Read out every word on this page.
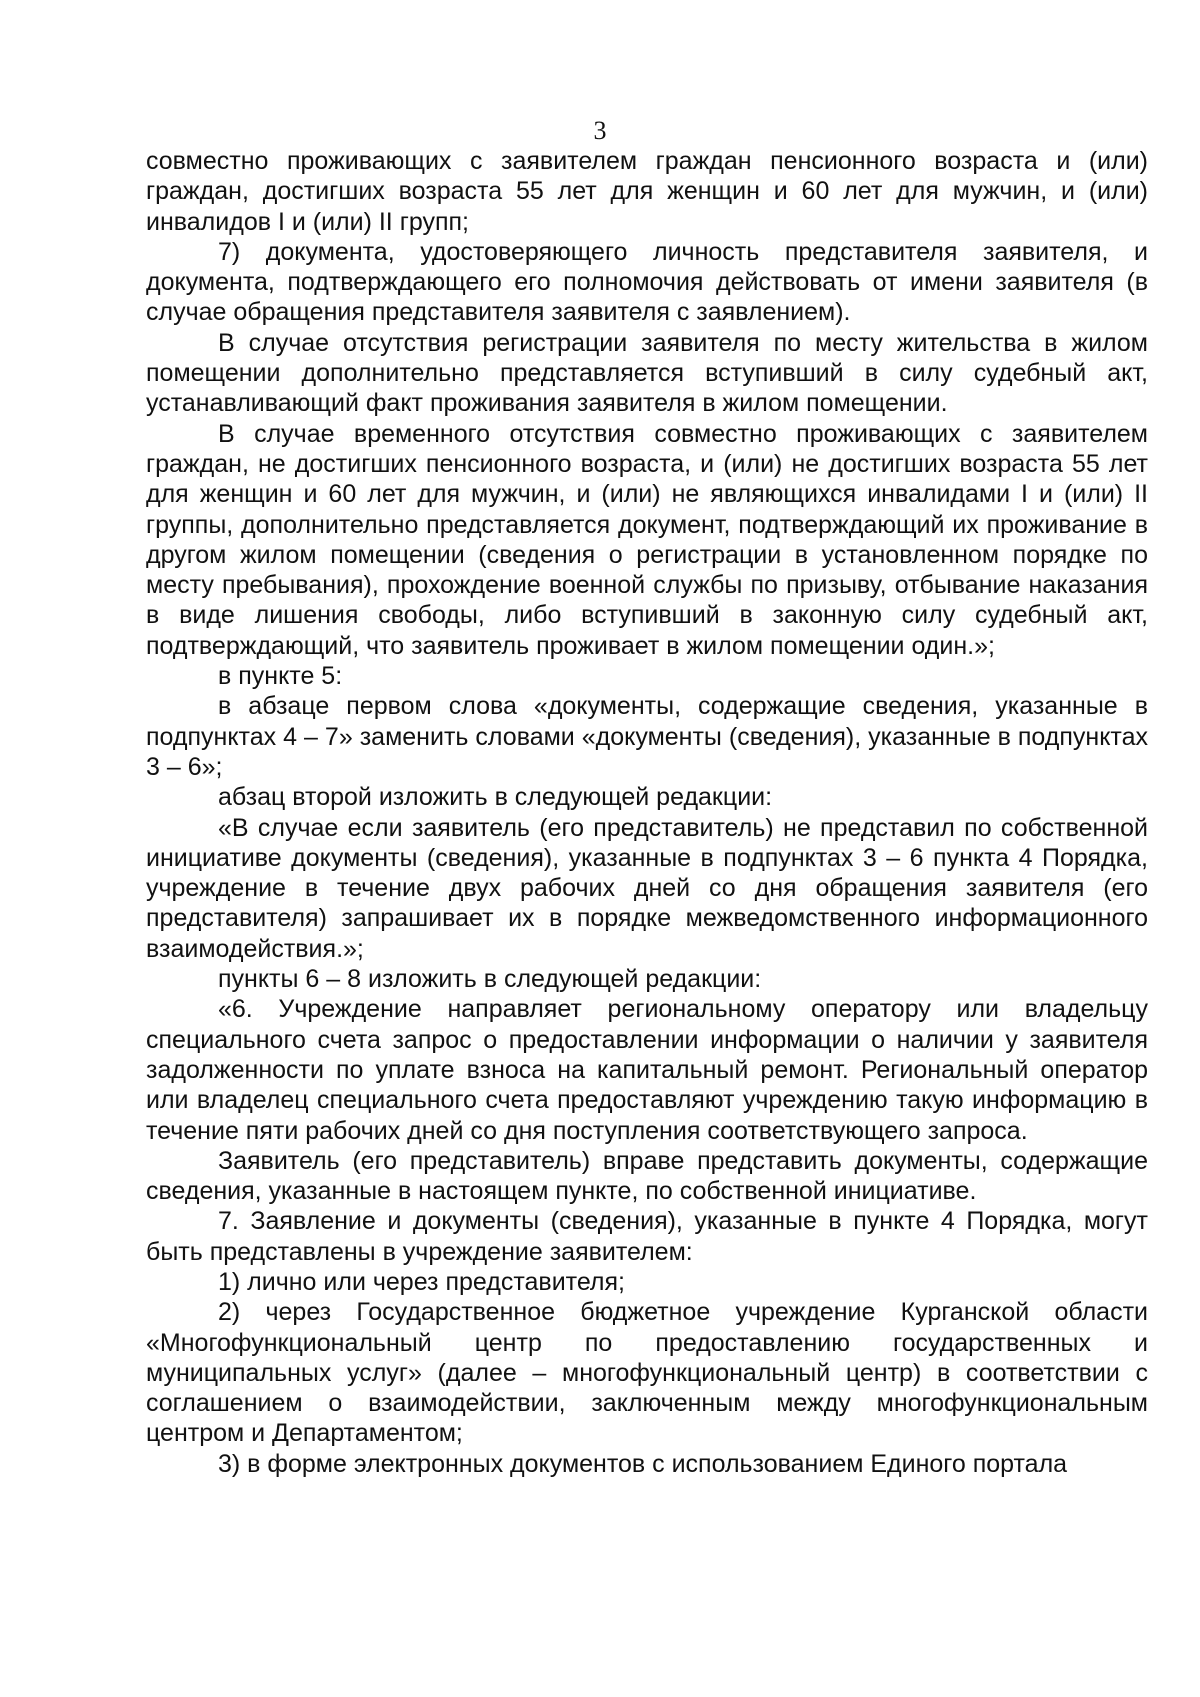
3

совместно проживающих с заявителем граждан пенсионного возраста и (или) граждан, достигших возраста 55 лет для женщин и 60 лет для мужчин, и (или) инвалидов I и (или) II групп;

7) документа, удостоверяющего личность представителя заявителя, и документа, подтверждающего его полномочия действовать от имени заявителя (в случае обращения представителя заявителя с заявлением).

В случае отсутствия регистрации заявителя по месту жительства в жилом помещении дополнительно представляется вступивший в силу судебный акт, устанавливающий факт проживания заявителя в жилом помещении.

В случае временного отсутствия совместно проживающих с заявителем граждан, не достигших пенсионного возраста, и (или) не достигших возраста 55 лет для женщин и 60 лет для мужчин, и (или) не являющихся инвалидами I и (или) II группы, дополнительно представляется документ, подтверждающий их проживание в другом жилом помещении (сведения о регистрации в установленном порядке по месту пребывания), прохождение военной службы по призыву, отбывание наказания в виде лишения свободы, либо вступивший в законную силу судебный акт, подтверждающий, что заявитель проживает в жилом помещении один.»;

в пункте 5:

в абзаце первом слова «документы, содержащие сведения, указанные в подпунктах 4 – 7» заменить словами «документы (сведения), указанные в подпунктах 3 – 6»;

абзац второй изложить в следующей редакции:

«В случае если заявитель (его представитель) не представил по собственной инициативе документы (сведения), указанные в подпунктах 3 – 6 пункта 4 Порядка, учреждение в течение двух рабочих дней со дня обращения заявителя (его представителя) запрашивает их в порядке межведомственного информационного взаимодействия.»;

пункты 6 – 8 изложить в следующей редакции:

«6. Учреждение направляет региональному оператору или владельцу специального счета запрос о предоставлении информации о наличии у заявителя задолженности по уплате взноса на капитальный ремонт. Региональный оператор или владелец специального счета предоставляют учреждению такую информацию в течение пяти рабочих дней со дня поступления соответствующего запроса.

Заявитель (его представитель) вправе представить документы, содержащие сведения, указанные в настоящем пункте, по собственной инициативе.

7. Заявление и документы (сведения), указанные в пункте 4 Порядка, могут быть представлены в учреждение заявителем:

1) лично или через представителя;

2) через Государственное бюджетное учреждение Курганской области «Многофункциональный центр по предоставлению государственных и муниципальных услуг» (далее – многофункциональный центр) в соответствии с соглашением о взаимодействии, заключенным между многофункциональным центром и Департаментом;

3) в форме электронных документов с использованием Единого портала
